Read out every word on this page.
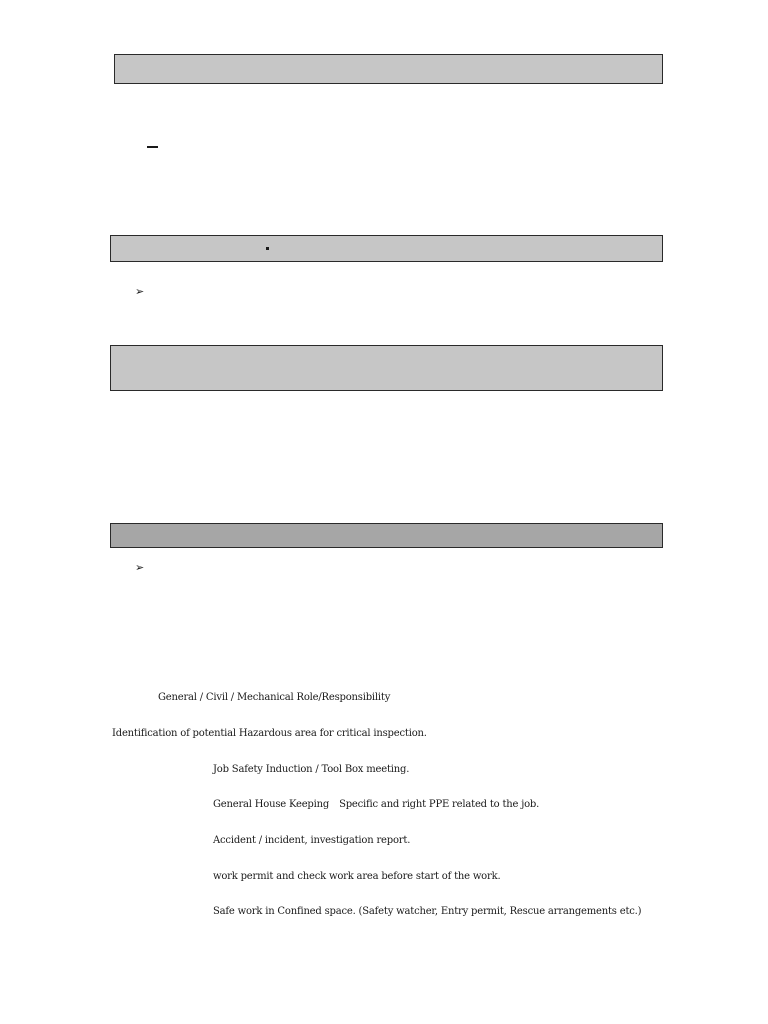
➢
➢
General / Civil / Mechanical Role/Responsibility
Identification of potential Hazardous area for critical inspection.
Job Safety Induction / Tool Box meeting.
General House Keeping Specific and right PPE related to the job.
Accident / incident, investigation report.
work permit and check work area before start of the work.
Safe work in Confined space. (Safety watcher, Entry permit, Rescue arrangements etc.)
